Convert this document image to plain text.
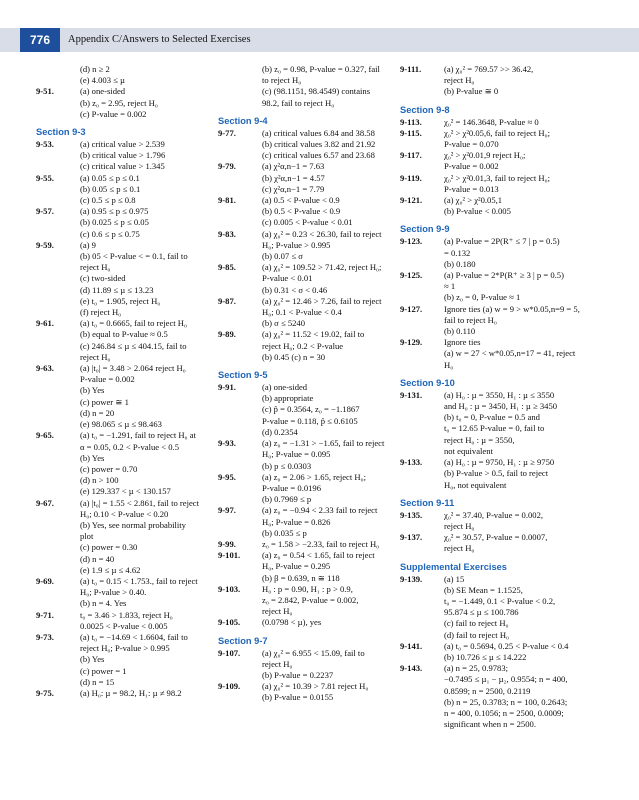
776	Appendix C/Answers to Selected Exercises
(d) n ≥ 2
(e) 4.003 ≤ µ
9-51.	(a) one-sided
(b) z₀ = 2.95, reject H₀
(c) P-value = 0.002
Section 9-3
9-53.	(a) critical value > 2.539
(b) critical value > 1.796
(c) critical value > 1.345
9-55.	(a) 0.05 ≤ p ≤ 0.1
(b) 0.05 ≤ p ≤ 0.1
(c) 0.5 ≤ p ≤ 0.8
9-57.	(a) 0.95 ≤ p ≤ 0.975
(b) 0.025 ≤ p ≤ 0.05
(c) 0.6 ≤ p ≤ 0.75
9-59.	(a) 9
(b) 05 < P-value < = 0.1, fail to
reject H₀
(c) two-sided
(d) 11.89 ≤ µ ≤ 13.23
(e) t₀ = 1.905, reject H₀
(f) reject H₀
9-61.	(a) t₀ = 0.6665, fail to reject H₀
(b) equal to P-value ≈ 0.5
(c) 246.84 ≤ µ ≤ 404.15, fail to
reject H₀
9-63.	(a) |t₀| = 3.48 > 2.064 reject H₀
P-value = 0.002
(b) Yes
(c) power ≅ 1
(d) n = 20
(e) 98.065 ≤ µ ≤ 98.463
9-65.	(a) t₀ = −1.291, fail to reject H₀ at
α = 0.05, 0.2 < P-value < 0.5
(b) Yes
(c) power = 0.70
(d) n > 100
(e) 129.337 < µ < 130.157
9-67.	(a) |t₀| = 1.55 < 2.861, fail to reject
H₀; 0.10 < P-value < 0.20
(b) Yes, see normal probability
plot
(c) power = 0.30
(d) n = 40
(e) 1.9 ≤ µ ≤ 4.62
9-69.	(a) t₀ = 0.15 < 1.753., fail to reject
H₀; P-value > 0.40.
(b) n = 4. Yes
9-71.	t₀ = 3.46 > 1.833, reject H₀
0.0025 < P-value < 0.005
9-73.	(a) t₀ = −14.69 < 1.6604, fail to
reject H₀; P-value > 0.995
(b) Yes
(c) power = 1
(d) n = 15
9-75.	(a) H₀: µ = 98.2, H₁: µ ≠ 98.2
(b) z₀ = 0.98, P-value = 0.327, fail
to reject H₀
(c) (98.1151, 98.4549) contains
98.2, fail to reject H₀
Section 9-4
9-77.	(a) critical values 6.84 and 38.58
(b) critical values 3.82 and 21.92
(c) critical values 6.57 and 23.68
9-79.	(a) χ²α,n−1 = 7.63
(b) χ²α,n−1 = 4.57
(c) χ²α,n−1 = 7.79
9-81.	(a) 0.5 < P-value < 0.9
(b) 0.5 < P-value < 0.9
(c) 0.005 < P-value < 0.01
9-83.	(a) χ₀² = 0.23 < 26.30, fail to reject
H₀; P-value > 0.995
(b) 0.07 ≤ σ
9-85.	(a) χ₀² = 109.52 > 71.42, reject H₀;
P-value < 0.01
(b) 0.31 < σ < 0.46
9-87.	(a) χ₀² = 12.46 > 7.26, fail to reject
H₀; 0.1 < P-value < 0.4
(b) σ ≤ 5240
9-89.	(a) χ₀² = 11.52 < 19.02, fail to
reject H₀; 0.2 < P-value
(b) 0.45 (c) n = 30
Section 9-5
9-91.	(a) one-sided
(b) appropriate
(c) p̂ = 0.3564, z₀ = −1.1867
P-value = 0.118, p̂ ≤ 0.6105
(d) 0.2354
9-93.	(a) z₀ = −1.31 > −1.65, fail to reject
H₀; P-value = 0.095
(b) p ≤ 0.0303
9-95.	(a) z₀ = 2.06 > 1.65, reject H₀;
P-value = 0.0196
(b) 0.7969 ≤ p
9-97.	(a) z₀ = −0.94 < 2.33 fail to reject
H₀; P-value = 0.826
(b) 0.035 ≤ p
9-99.	z₀ = 1.58 > −2.33, fail to reject H₀
9-101.	(a) z₀ = 0.54 < 1.65, fail to reject
H₀, P-value = 0.295
(b) β = 0.639, n ≅ 118
9-103.	H₀ : p = 0.90, H₁ : p > 0.9,
z₀ = 2.842, P-value = 0.002,
reject H₀
9-105.	(0.0798 < µ), yes
Section 9-7
9-107.	(a) χ₀² = 6.955 < 15.09, fail to
reject H₀
(b) P-value = 0.2237
9-109.	(a) χ₀² = 10.39 > 7.81 reject H₀
(b) P-value = 0.0155
9-111.	(a) χ₀² = 769.57 >> 36.42,
reject H₀
(b) P-value ≅ 0
Section 9-8
9-113.	χ₀² = 146.3648, P-value ≈ 0
9-115.	χ₀² > χ²0.05,6, fail to reject H₀;
P-value = 0.070
9-117.	χ₀² > χ²0.01,9 reject H₀;
P-value = 0.002
9-119.	χ₀² > χ²0.01,3, fail to reject H₀;
P-value = 0.013
9-121.	(a) χ₀² > χ²0.05,1
(b) P-value < 0.005
Section 9-9
9-123.	(a) P-value = 2P(R⁺ ≤ 7 | p = 0.5)
= 0.132
(b) 0.180
9-125.	(a) P-value = 2*P(R⁺ ≥ 3 | p = 0.5)
≈ 1
(b) z₀ = 0, P-value ≈ 1
9-127.	Ignore ties (a) w = 9 > w*0.05,n=9 = 5,
fail to reject H₀
(b) 0.110
9-129.	Ignore ties
(a) w = 27 < w*0.05,n=17 = 41, reject
H₀
Section 9-10
9-131.	(a) H₀ : µ = 3550, H₁ : µ ≤ 3550
and H₀ : µ = 3450, H₁ : µ ≥ 3450
(b) t₀ = 0, P-value = 0.5 and
t₀ = 12.65 P-value = 0, fail to
reject H₀ : µ = 3550,
not equivalent
9-133.	(a) H₀ : µ = 9750, H₁ : µ ≥ 9750
(b) P-value > 0.5, fail to reject
H₀, not equivalent
Section 9-11
9-135.	χ₀² = 37.40, P-value = 0.002,
reject H₀
9-137.	χ₀² = 30.57, P-value = 0.0007,
reject H₀
Supplemental Exercises
9-139.	(a) 15
(b) SE Mean = 1.1525,
t₀ = −1.449, 0.1 < P-value < 0.2,
95.874 ≤ µ ≤ 100.786
(c) fail to reject H₀
(d) fail to reject H₀
9-141.	(a) t₀ = 0.5694, 0.25 < P-value < 0.4
(b) 10.726 ≤ µ ≤ 14.222
9-143.	(a) n = 25, 0.9783;
−0.7495 ≤ µ₁ − µ₂, 0.9554; n = 400,
0.8599; n = 2500, 0.2119
(b) n = 25, 0.3783; n = 100, 0.2643;
n = 400, 0.1056; n = 2500, 0.0009;
significant when n = 2500.
